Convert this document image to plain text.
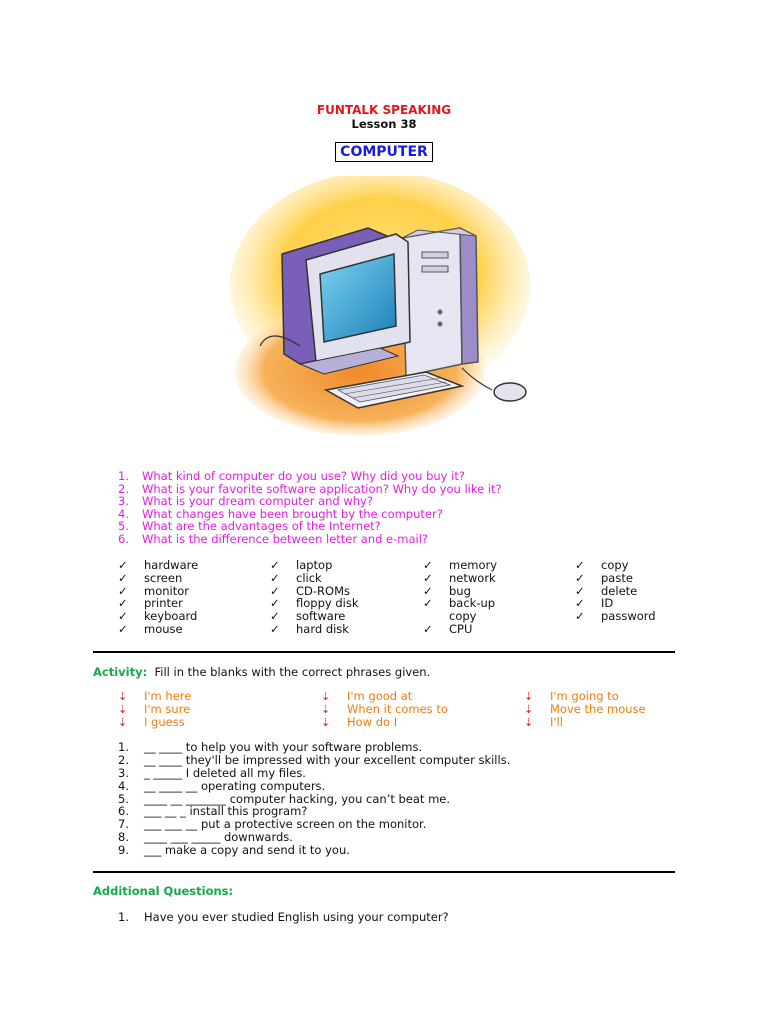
FUNTALK SPEAKING
Lesson 38
COMPUTER
1. What kind of computer do you use? Why did you buy it?
2. What is your favorite software application? Why do you like it?
3. What is your dream computer and why?
4. What changes have been brought by the computer?
5. What are the advantages of the Internet?
6. What is the difference between letter and e-mail?
✓ hardware
✓ screen
✓ monitor
✓ printer
✓ keyboard
✓ mouse
✓ laptop
✓ click
✓ CD-ROMs
✓ floppy disk
✓ software
✓ hard disk
✓ memory
✓ network
✓ bug
✓ back-up
copy
✓ CPU
✓ copy
✓ paste
✓ delete
✓ ID
✓ password
Activity: Fill in the blanks with the correct phrases given.
⇣ I'm here
⇣ I'm sure
⇣ I guess
⇣ I'm good at
⇣ When it comes to
⇣ How do I
⇣ I'm going to
⇣ Move the mouse
⇣ I'll
1. __ ____ to help you with your software problems.
2. __ ____ they'll be impressed with your excellent computer skills.
3. _ _____ I deleted all my files.
4. __ ____ __ operating computers.
5. ____ __ _______ computer hacking, you can’t beat me.
6. ___ __ _ install this program?
7. ___ ___ __ put a protective screen on the monitor.
8. ____ ___ _____ downwards.
9. ___ make a copy and send it to you.
Additional Questions:
1. Have you ever studied English using your computer?
